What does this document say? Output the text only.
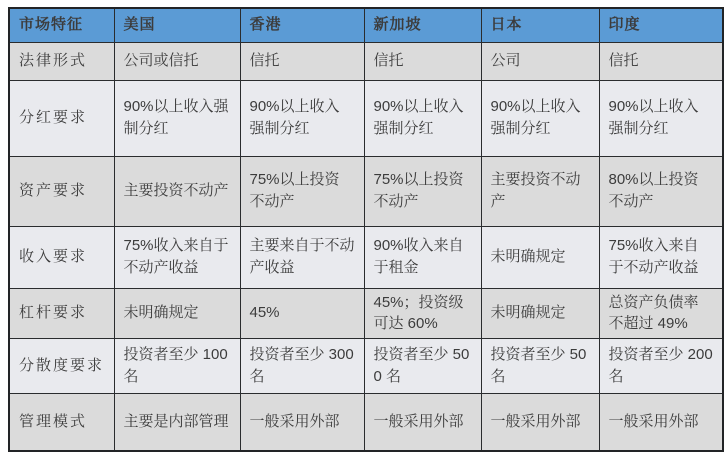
市场特征	美国	香港	新加坡	日本	印度
法律形式	公司或信托	信托	信托	公司	信托
分红要求	90%以上收入强制分红	90%以上收入强制分红	90%以上收入强制分红	90%以上收入强制分红	90%以上收入强制分红
资产要求	主要投资不动产	75%以上投资不动产	75%以上投资不动产	主要投资不动产	80%以上投资不动产
收入要求	75%收入来自于不动产收益	主要来自于不动产收益	90%收入来自于租金	未明确规定	75%收入来自于不动产收益
杠杆要求	未明确规定	45%	45%；投资级可达 60%	未明确规定	总资产负债率不超过 49%
分散度要求	投资者至少 100 名	投资者至少 300 名	投资者至少 500 名	投资者至少 50 名	投资者至少 200 名
管理模式	主要是内部管理	一般采用外部	一般采用外部	一般采用外部	一般采用外部
